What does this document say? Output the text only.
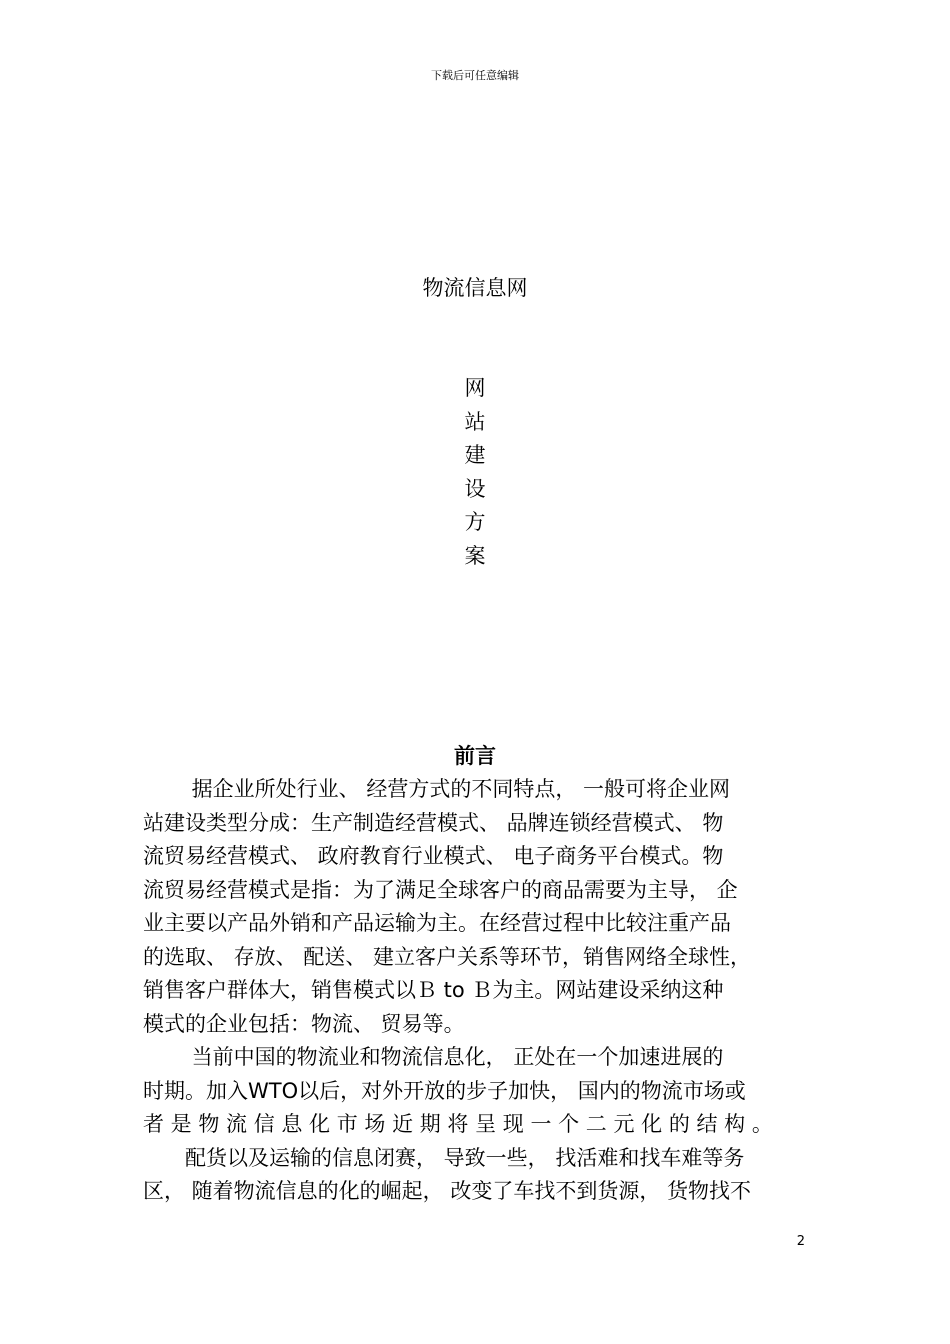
下载后可任意编辑
物流信息网
网
站
建
设
方
案
前言
　　 据企业所处行业、 经营方式的不同特点， 一般可将企业网
站建设类型分成：生产制造经营模式、 品牌连锁经营模式、 物
流贸易经营模式、 政府教育行业模式、 电子商务平台模式。物
流贸易经营模式是指：为了满足全球客户的商品需要为主导， 企
业主要以产品外销和产品运输为主。在经营过程中比较注重产品
的选取、 存放、 配送、 建立客户关系等环节，销售网络全球性，
销售客户群体大，销售模式以Ｂ to Ｂ为主。网站建设采纳这种
模式的企业包括：物流、 贸易等。
　　 当前中国的物流业和物流信息化， 正处在一个加速进展的
时期。加入WTO以后，对外开放的步子加快， 国内的物流市场或
者 是 物 流 信 息 化 市 场 近 期 将 呈 现 一 个 二 元 化 的 结 构 。
　　配货以及运输的信息闭赛， 导致一些， 找活难和找车难等务
区， 随着物流信息的化的崛起， 改变了车找不到货源， 货物找不
2
